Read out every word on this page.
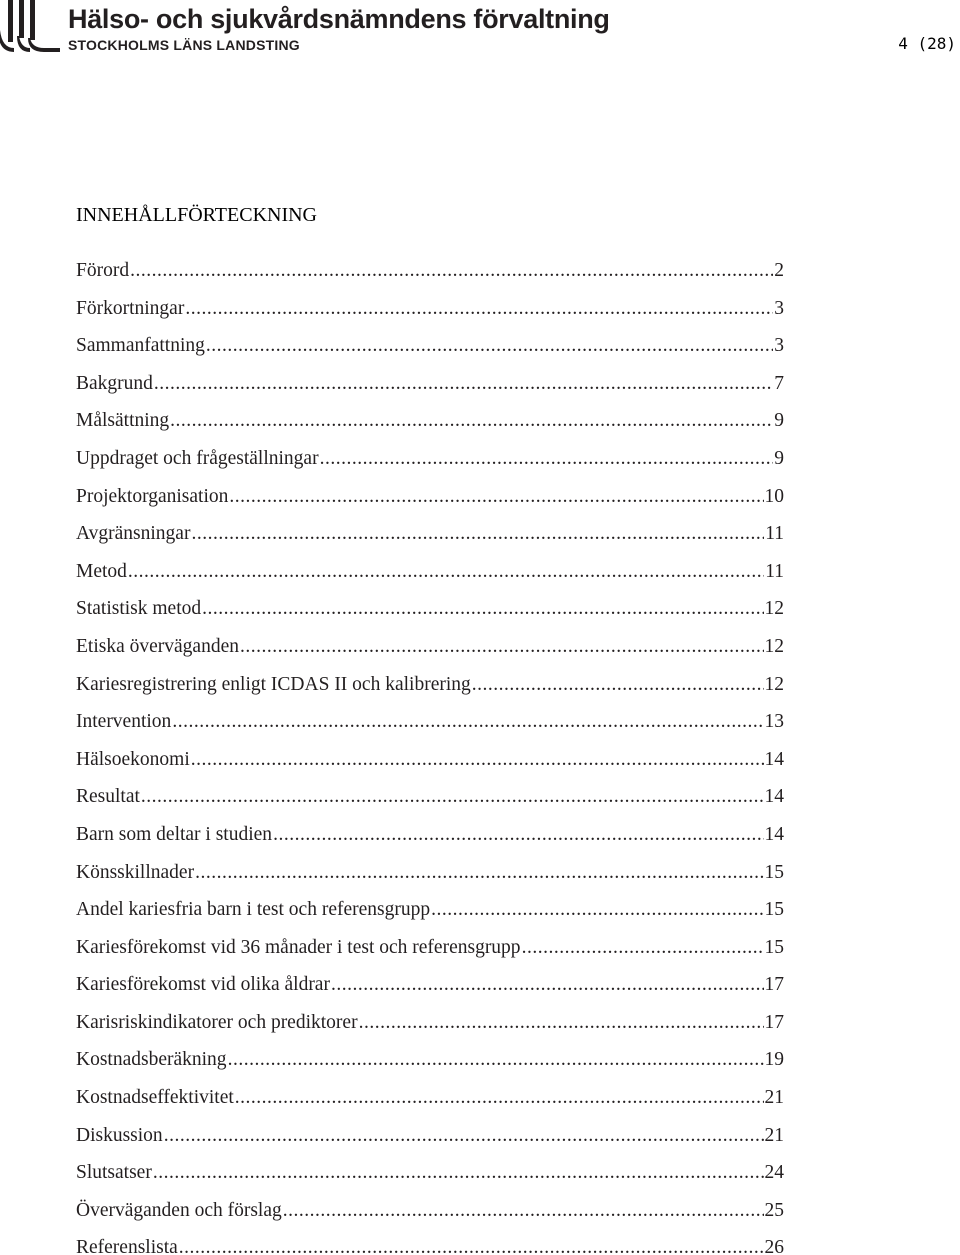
Hälso- och sjukvårdsnämndens förvaltning
STOCKHOLMS LÄNS LANDSTING	4 (28)
INNEHÅLLFÖRTECKNING
Förord .....	2
Förkortningar .....	3
Sammanfattning .....	3
Bakgrund .....	7
Målsättning .....	9
Uppdraget och frågeställningar .....	9
Projektorganisation .....	10
Avgränsningar .....	11
Metod .....	11
Statistisk metod .....	12
Etiska överväganden .....	12
Kariesregistrering enligt ICDAS II och kalibrering .....	12
Intervention .....	13
Hälsoekonomi .....	14
Resultat .....	14
Barn som deltar i studien .....	14
Könsskillnader .....	15
Andel kariesfria barn i test och referensgrupp .....	15
Kariesförekomst vid 36 månader i test och referensgrupp .....	15
Kariesförekomst vid olika åldrar .....	17
Karisriskindikatorer och prediktorer .....	17
Kostnadsberäkning .....	19
Kostnadseffektivitet .....	21
Diskussion .....	21
Slutsatser .....	24
Överväganden och förslag .....	25
Referenslista .....	26
